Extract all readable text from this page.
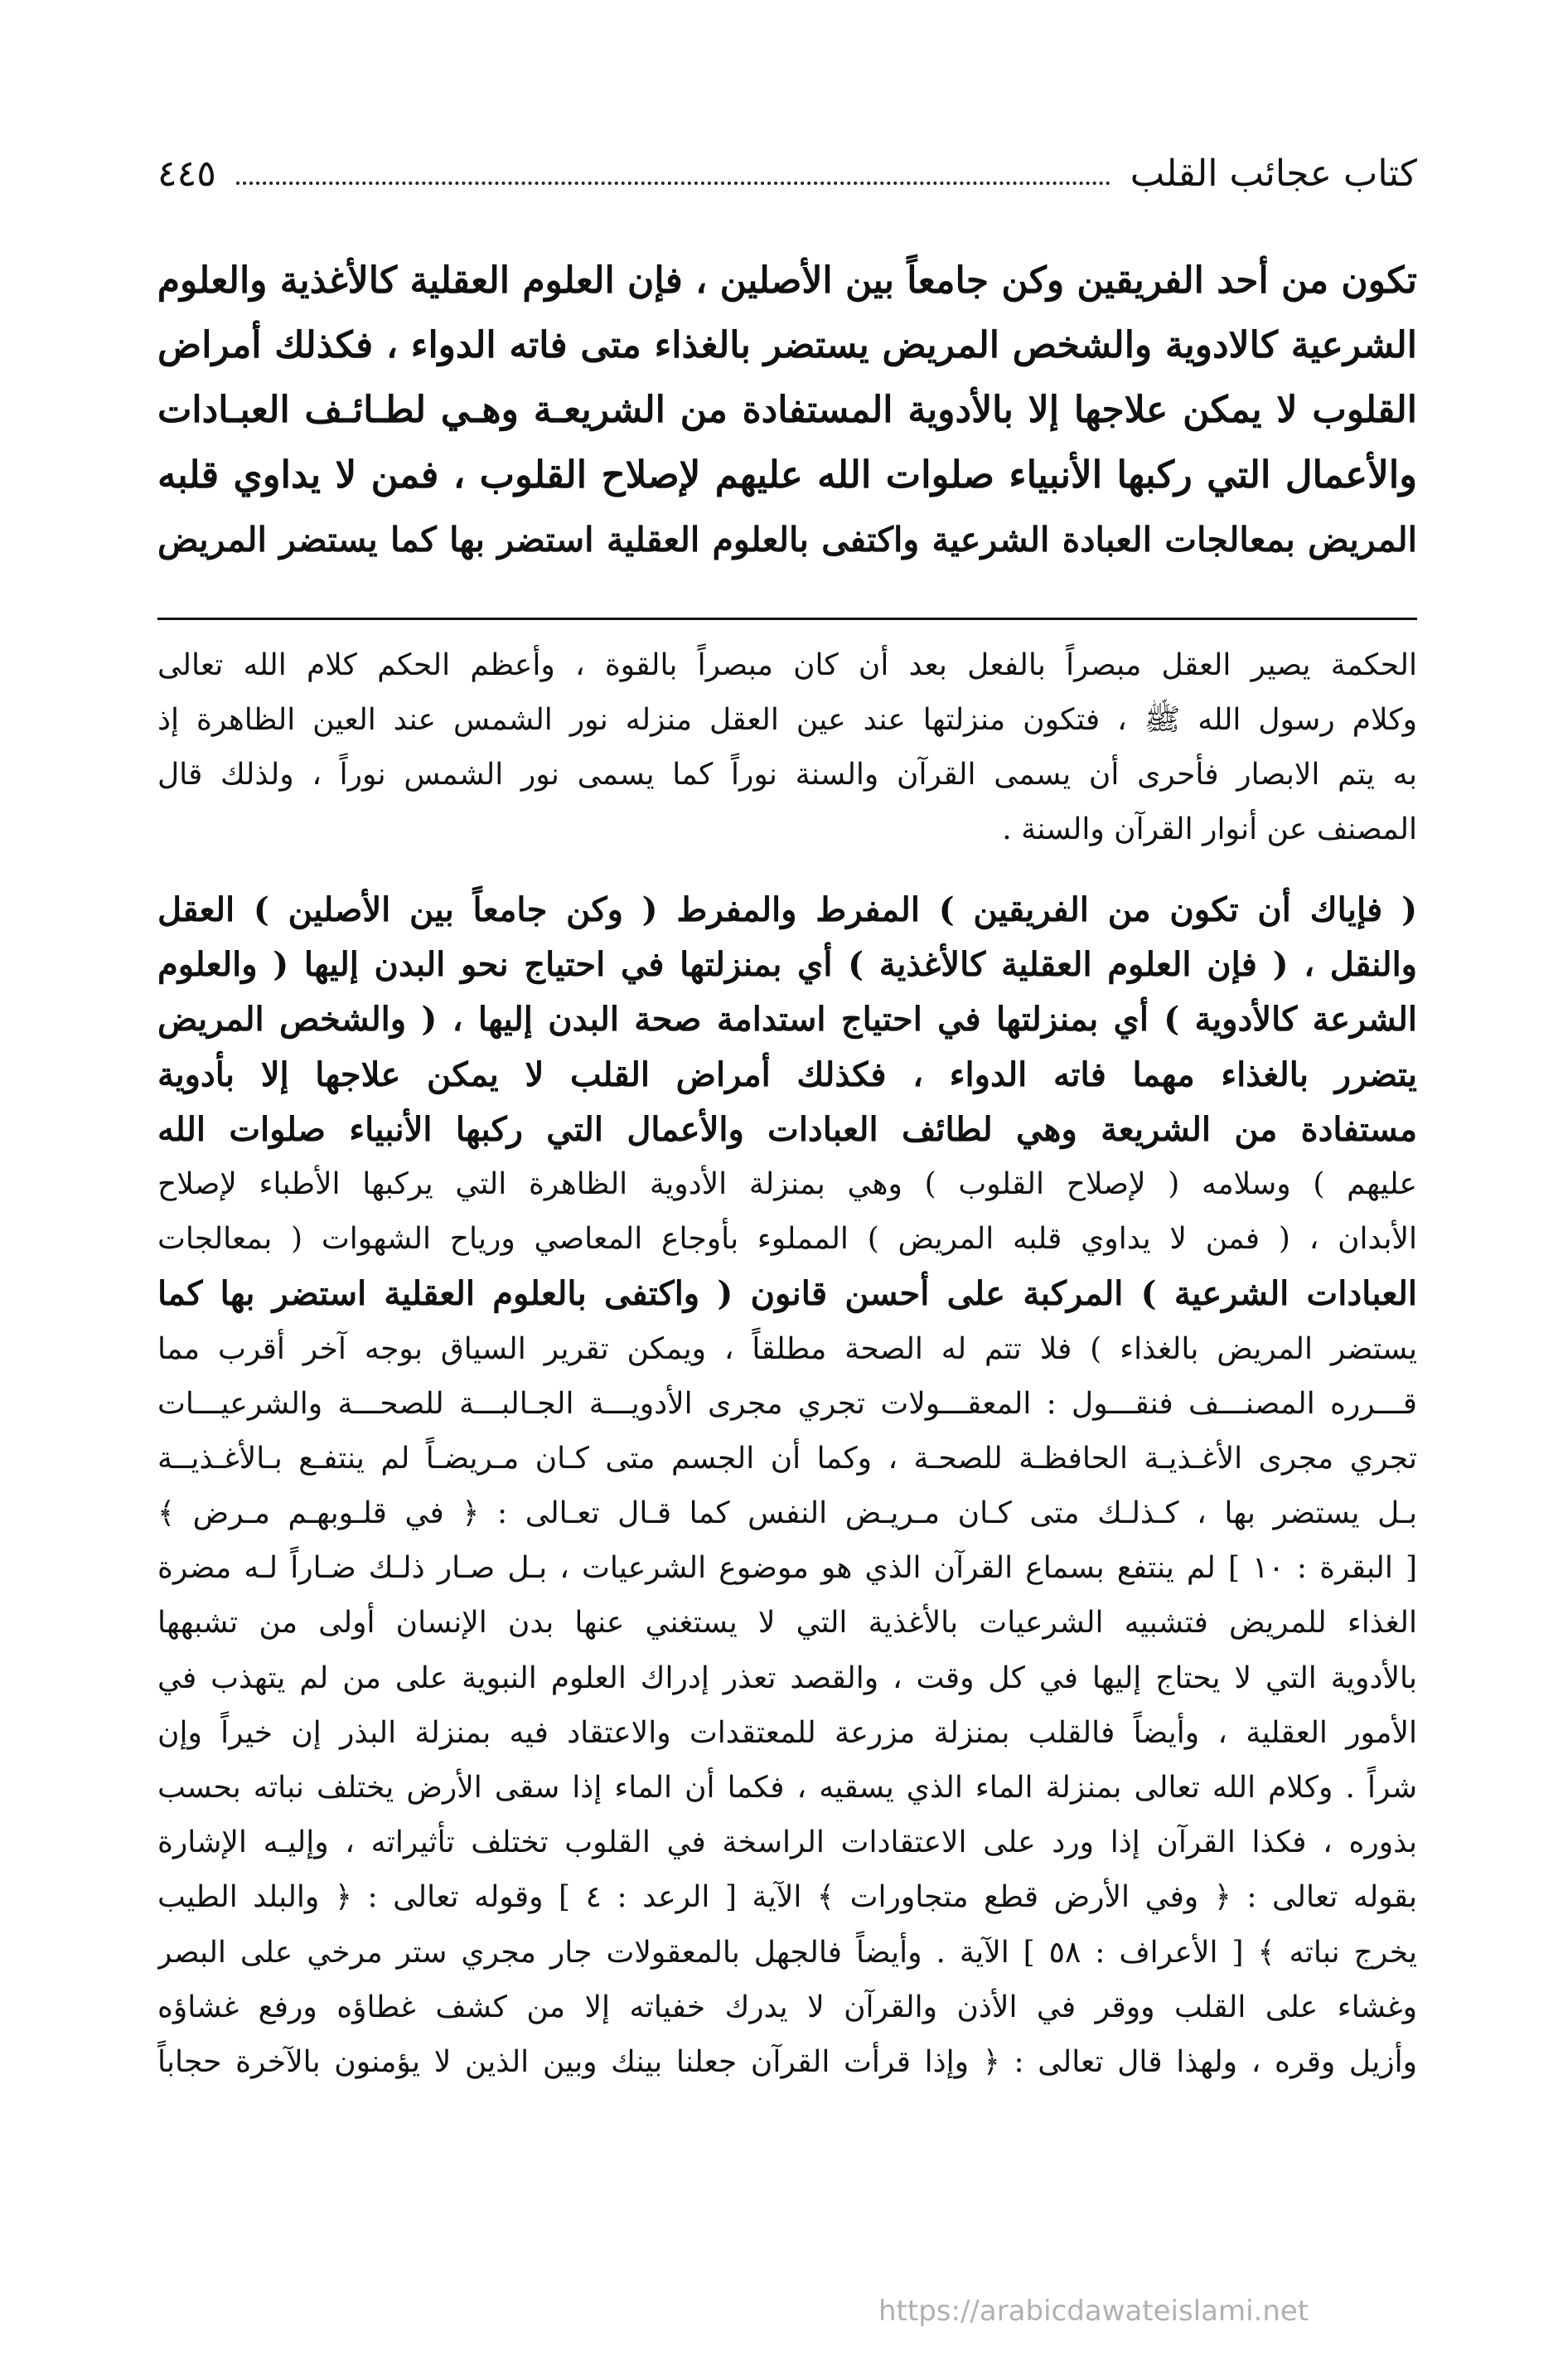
كتاب عجائب القلب
٤٤٥
تكون من أحد الفريقين وكن جامعاً بين الأصلين ، فإن العلوم العقلية كالأغذية والعلوم
الشرعية كالادوية والشخص المريض يستضر بالغذاء متى فاته الدواء ، فكذلك أمراض
القلوب لا يمكن علاجها إلا بالأدوية المستفادة من الشريعـة وهـي لطـائـف العبـادات
والأعمال التي ركبها الأنبياء صلوات الله عليهم لإصلاح القلوب ، فمن لا يداوي قلبه
المريض بمعالجات العبادة الشرعية واكتفى بالعلوم العقلية استضر بها كما يستضر المريض
الحكمة يصير العقل مبصراً بالفعل بعد أن كان مبصراً بالقوة ، وأعظم الحكم كلام الله تعالى
وكلام رسول الله ﷺ ، فتكون منزلتها عند عين العقل منزله نور الشمس عند العين الظاهرة إذ
به يتم الابصار فأحرى أن يسمى القرآن والسنة نوراً كما يسمى نور الشمس نوراً ، ولذلك قال
المصنف عن أنوار القرآن والسنة .
( فإياك أن تكون من الفريقين ) المفرط والمفرط ( وكن جامعاً بين الأصلين ) العقل
والنقل ، ( فإن العلوم العقلية كالأغذية ) أي بمنزلتها في احتياج نحو البدن إليها ( والعلوم
الشرعة كالأدوية ) أي بمنزلتها في احتياج استدامة صحة البدن إليها ، ( والشخص المريض
يتضرر بالغذاء مهما فاته الدواء ، فكذلك أمراض القلب لا يمكن علاجها إلا بأدوية
مستفادة من الشريعة وهي لطائف العبادات والأعمال التي ركبها الأنبياء صلوات الله
عليهم ) وسلامه ( لإصلاح القلوب ) وهي بمنزلة الأدوية الظاهرة التي يركبها الأطباء لإصلاح
الأبدان ، ( فمن لا يداوي قلبه المريض ) المملوء بأوجاع المعاصي ورياح الشهوات ( بمعالجات
العبادات الشرعية ) المركبة على أحسن قانون ( واكتفى بالعلوم العقلية استضر بها كما
يستضر المريض بالغذاء ) فلا تتم له الصحة مطلقاً ، ويمكن تقرير السياق بوجه آخر أقرب مما
قـــرره المصنـــف فنقـــول : المعقـــولات تجري مجرى الأدويـــة الجـالبـــة للصحـــة والشرعيـــات
تجري مجرى الأغـذيـة الحافظـة للصحـة ، وكما أن الجسم متى كـان مـريضـاً لم ينتفـع بـالأغـذيــة
بـل يستضر بها ، كـذلـك متى كـان مـريـض النفس كما قـال تعـالى : ﴿ في قلـوبهـم مـرض ﴾
[ البقرة : ١٠ ] لم ينتفع بسماع القرآن الذي هو موضوع الشرعيات ، بـل صـار ذلـك ضـاراً لـه مضرة
الغذاء للمريض فتشبيه الشرعيات بالأغذية التي لا يستغني عنها بدن الإنسان أولى من تشبهها
بالأدوية التي لا يحتاج إليها في كل وقت ، والقصد تعذر إدراك العلوم النبوية على من لم يتهذب في
الأمور العقلية ، وأيضاً فالقلب بمنزلة مزرعة للمعتقدات والاعتقاد فيه بمنزلة البذر إن خيراً وإن
شراً . وكلام الله تعالى بمنزلة الماء الذي يسقيه ، فكما أن الماء إذا سقى الأرض يختلف نباته بحسب
بذوره ، فكذا القرآن إذا ورد على الاعتقادات الراسخة في القلوب تختلف تأثيراته ، وإليـه الإشارة
بقوله تعالى : ﴿ وفي الأرض قطع متجاورات ﴾ الآية [ الرعد : ٤ ] وقوله تعالى : ﴿ والبلد الطيب
يخرج نباته ﴾ [ الأعراف : ٥٨ ] الآية . وأيضاً فالجهل بالمعقولات جار مجري ستر مرخي على البصر
وغشاء على القلب ووقر في الأذن والقرآن لا يدرك خفياته إلا من كشف غطاؤه ورفع غشاؤه
وأزيل وقره ، ولهذا قال تعالى : ﴿ وإذا قرأت القرآن جعلنا بينك وبين الذين لا يؤمنون بالآخرة حجاباً
https://arabicdawateislami.net
